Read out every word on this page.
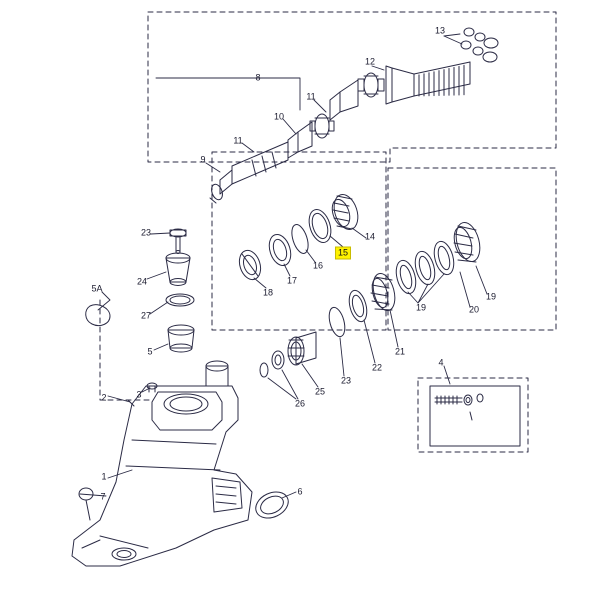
13
8
12
11
10
11
9
23	14
15
16
17
18
24
5A
27
19
20
19
21
22
23
25
26
5
3
2
4
1
7	6
